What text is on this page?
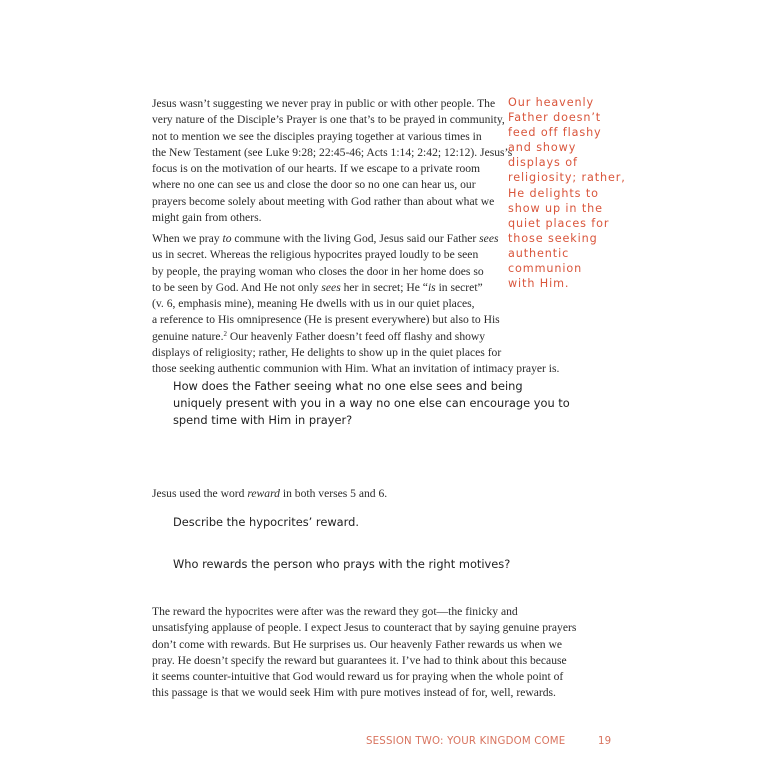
Jesus wasn’t suggesting we never pray in public or with other people. The
very nature of the Disciple’s Prayer is one that’s to be prayed in community,
not to mention we see the disciples praying together at various times in
the New Testament (see Luke 9:28; 22:45-46; Acts 1:14; 2:42; 12:12). Jesus’s
focus is on the motivation of our hearts. If we escape to a private room
where no one can see us and close the door so no one can hear us, our
prayers become solely about meeting with God rather than about what we
might gain from others.
Our heavenly
Father doesn’t
feed off flashy
and showy
displays of
religiosity; rather,
He delights to
show up in the
quiet places for
those seeking
authentic
communion
with Him.
When we pray to commune with the living God, Jesus said our Father sees
us in secret. Whereas the religious hypocrites prayed loudly to be seen
by people, the praying woman who closes the door in her home does so
to be seen by God. And He not only sees her in secret; He “is in secret”
(v. 6, emphasis mine), meaning He dwells with us in our quiet places,
a reference to His omnipresence (He is present everywhere) but also to His
genuine nature.$^2$ Our heavenly Father doesn’t feed off flashy and showy
displays of religiosity; rather, He delights to show up in the quiet places for
those seeking authentic communion with Him. What an invitation of intimacy prayer is.
How does the Father seeing what no one else sees and being
uniquely present with you in a way no one else can encourage you to
spend time with Him in prayer?
Jesus used the word reward in both verses 5 and 6.
Describe the hypocrites’ reward.
Who rewards the person who prays with the right motives?
The reward the hypocrites were after was the reward they got—the finicky and
unsatisfying applause of people. I expect Jesus to counteract that by saying genuine prayers
don’t come with rewards. But He surprises us. Our heavenly Father rewards us when we
pray. He doesn’t specify the reward but guarantees it. I’ve had to think about this because
it seems counter-intuitive that God would reward us for praying when the whole point of
this passage is that we would seek Him with pure motives instead of for, well, rewards.
SESSION TWO: YOUR KINGDOM COME	19
